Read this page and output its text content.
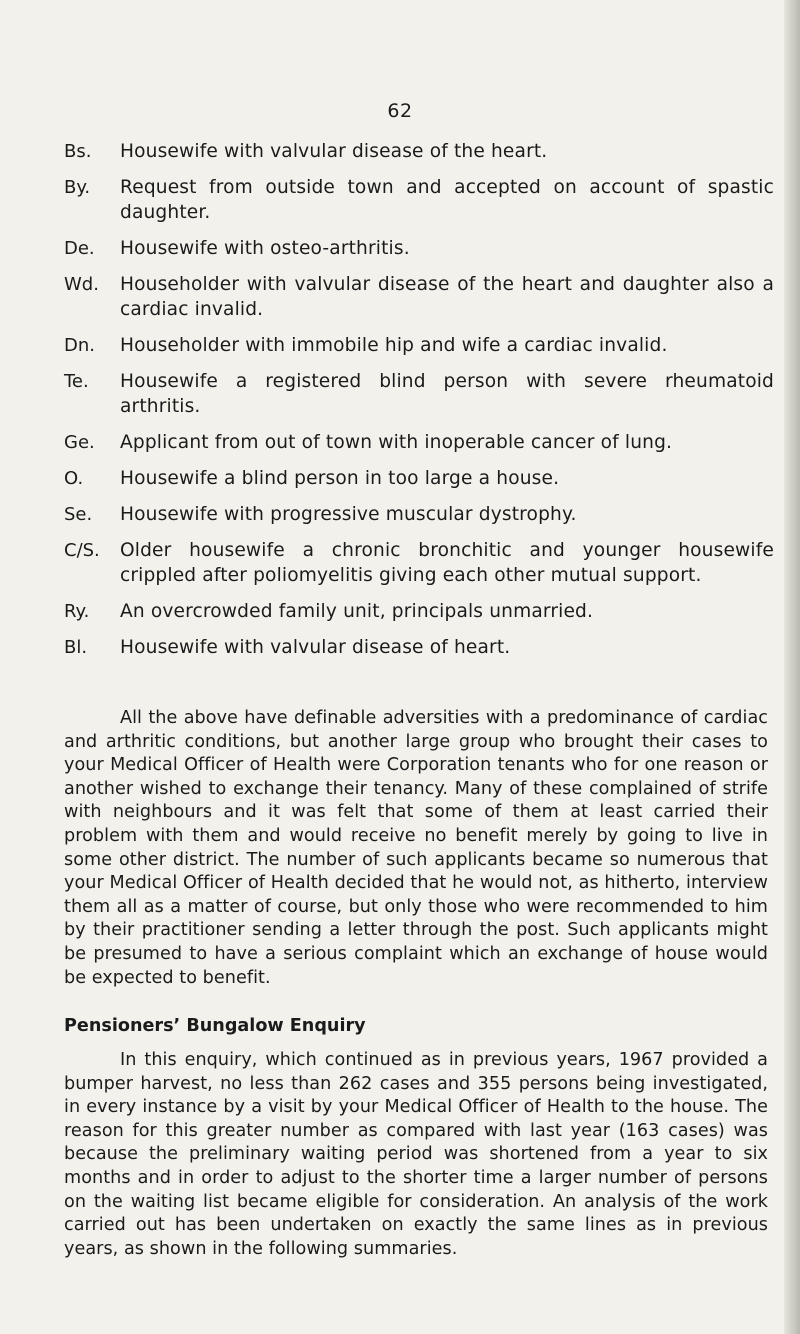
62
Bs.	Housewife with valvular disease of the heart.
By.	Request from outside town and accepted on account of spastic daughter.
De.	Housewife with osteo-arthritis.
Wd.	Householder with valvular disease of the heart and daughter also a cardiac invalid.
Dn.	Householder with immobile hip and wife a cardiac invalid.
Te.	Housewife a registered blind person with severe rheumatoid arthritis.
Ge.	Applicant from out of town with inoperable cancer of lung.
O.	Housewife a blind person in too large a house.
Se.	Housewife with progressive muscular dystrophy.
C/S.	Older housewife a chronic bronchitic and younger housewife crippled after poliomyelitis giving each other mutual support.
Ry.	An overcrowded family unit, principals unmarried.
Bl.	Housewife with valvular disease of heart.

All the above have definable adversities with a predominance of cardiac and arthritic conditions, but another large group who brought their cases to your Medical Officer of Health were Corporation tenants who for one reason or another wished to exchange their tenancy. Many of these complained of strife with neighbours and it was felt that some of them at least carried their problem with them and would receive no benefit merely by going to live in some other district. The number of such applicants became so numerous that your Medical Officer of Health decided that he would not, as hitherto, interview them all as a matter of course, but only those who were recommended to him by their practitioner sending a letter through the post. Such applicants might be presumed to have a serious complaint which an exchange of house would be expected to benefit.

Pensioners’ Bungalow Enquiry

In this enquiry, which continued as in previous years, 1967 provided a bumper harvest, no less than 262 cases and 355 persons being investigated, in every instance by a visit by your Medical Officer of Health to the house. The reason for this greater number as compared with last year (163 cases) was because the preliminary waiting period was shortened from a year to six months and in order to adjust to the shorter time a larger number of persons on the waiting list became eligible for consideration. An analysis of the work carried out has been undertaken on exactly the same lines as in previous years, as shown in the following summaries.
